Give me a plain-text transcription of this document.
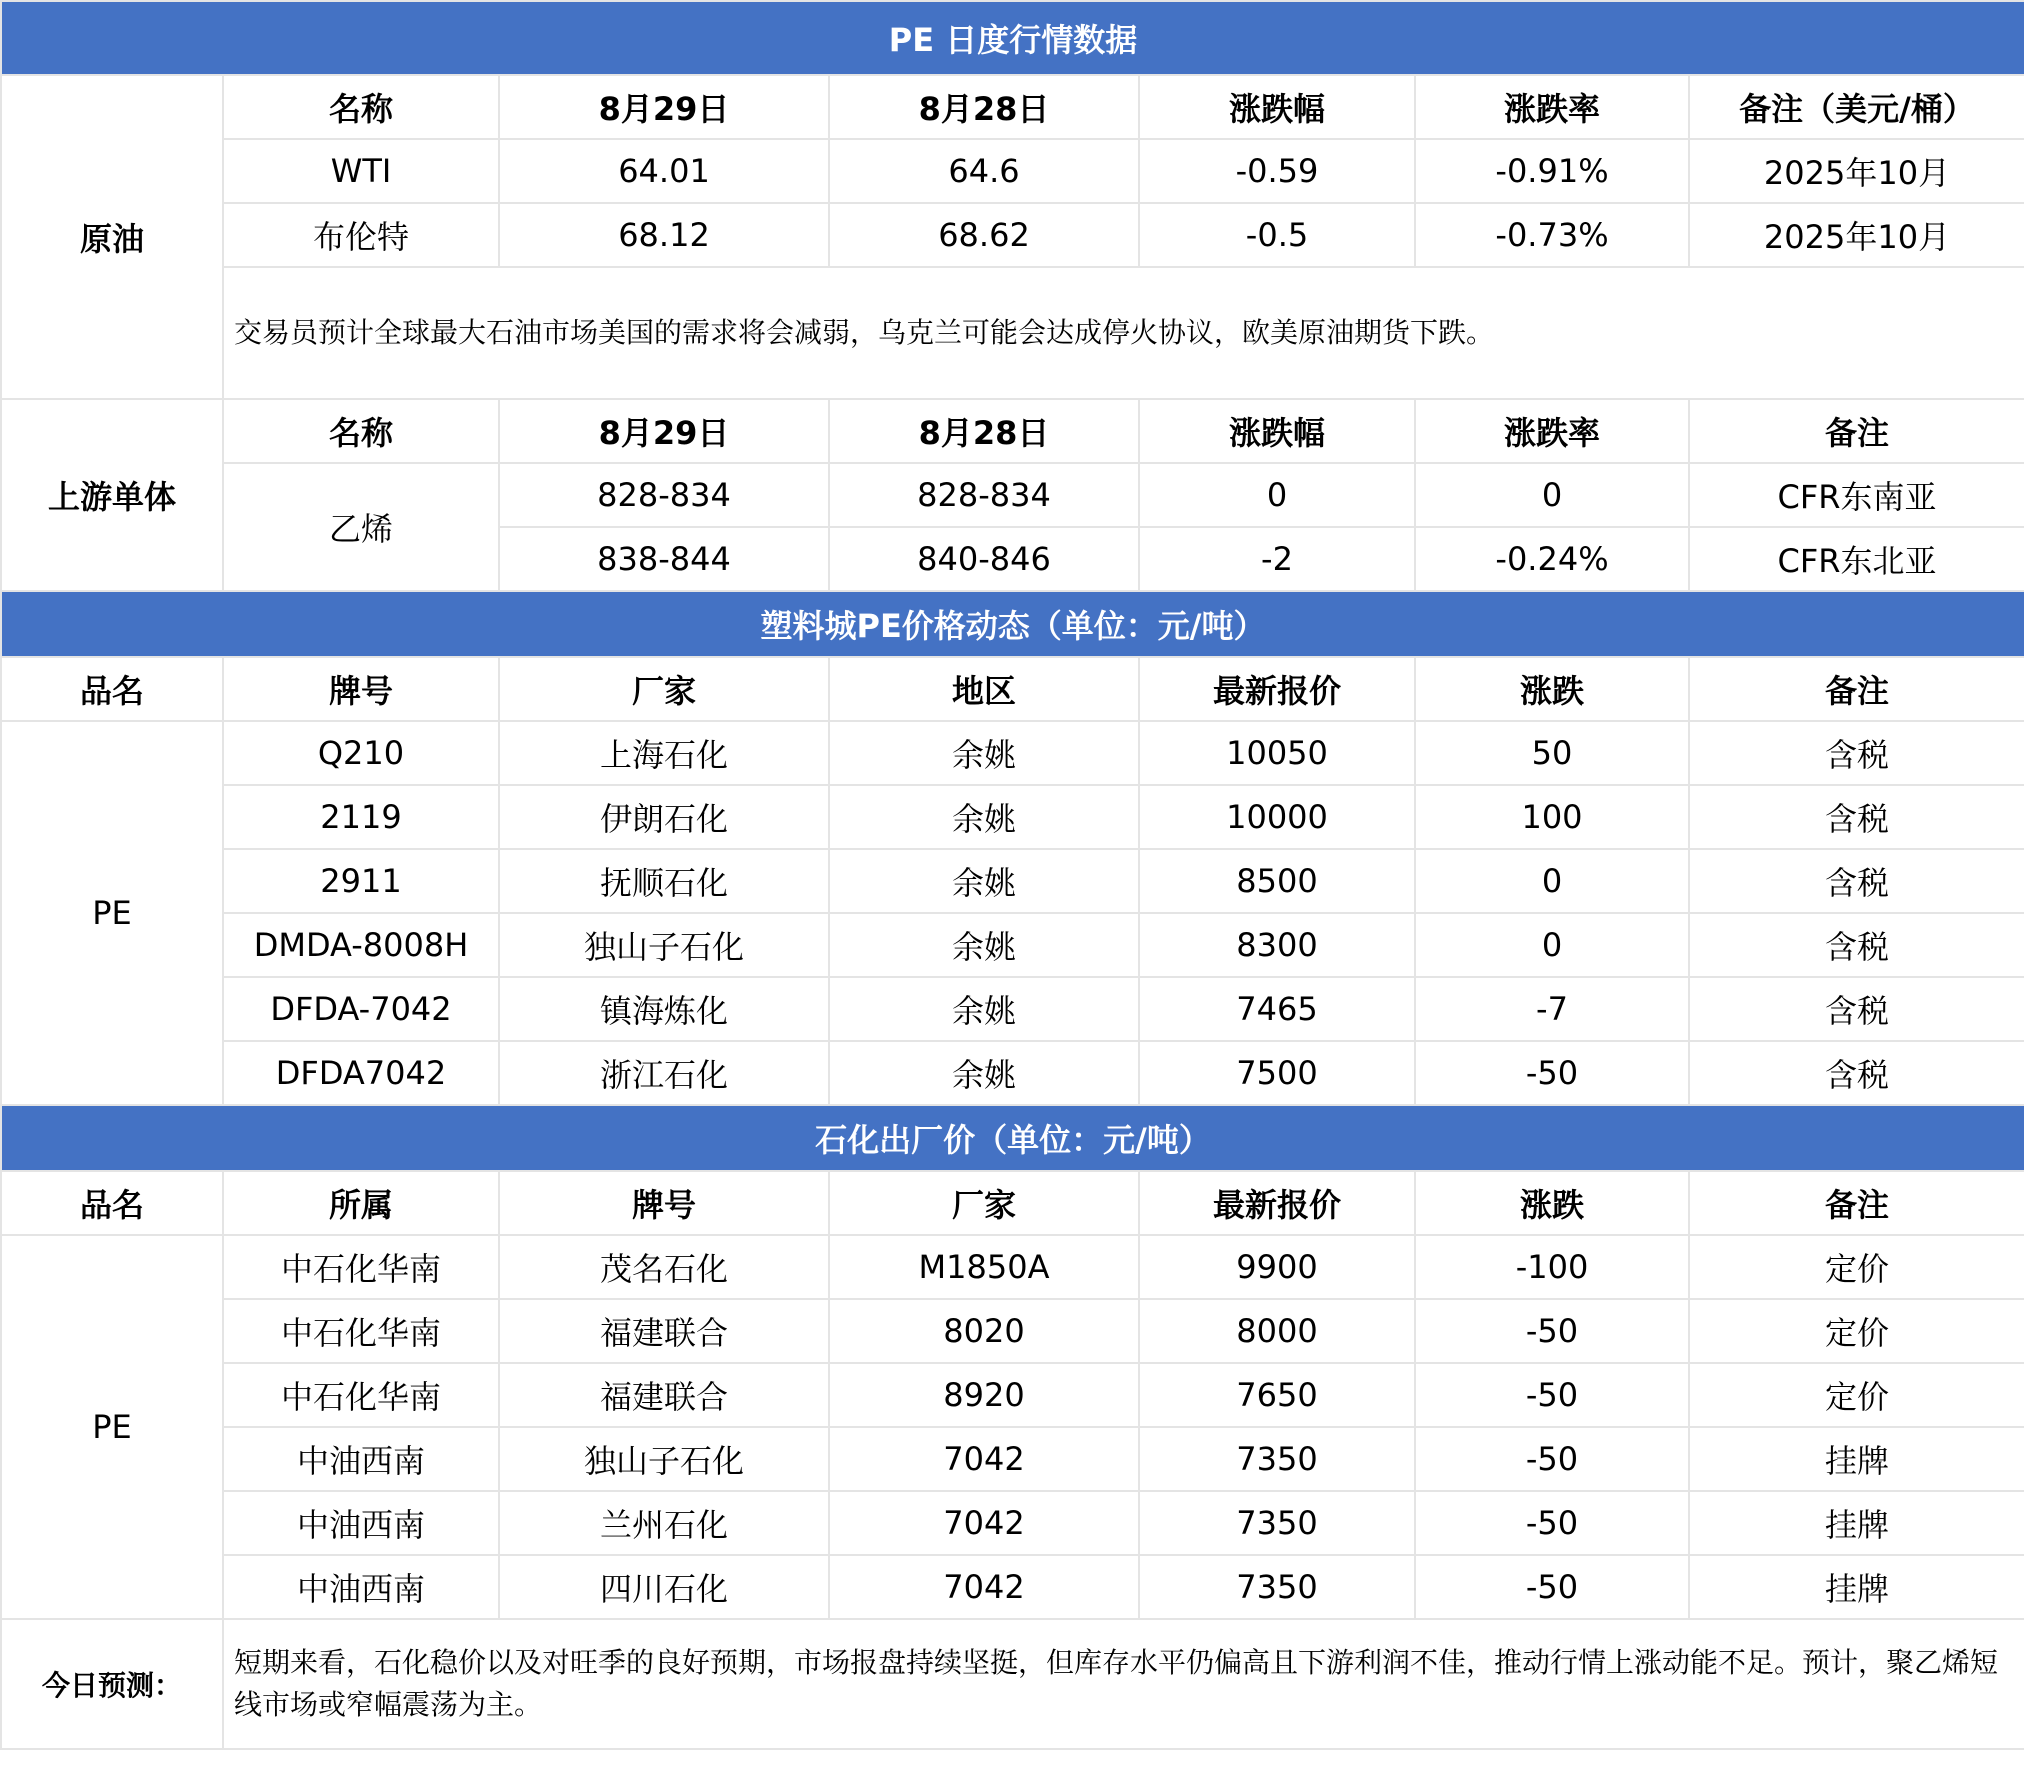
PE 日度行情数据						
原油	名称	8月29日	8月28日	涨跌幅	涨跌率	备注（美元/桶）
	WTI	64.01	64.6	-0.59	-0.91%	2025年10月
	布伦特	68.12	68.62	-0.5	-0.73%	2025年10月
	交易员预计全球最大石油市场美国的需求将会减弱，乌克兰可能会达成停火协议，欧美原油期货下跌。					
上游单体	名称	8月29日	8月28日	涨跌幅	涨跌率	备注
	乙烯	828-834	828-834	0	0	CFR东南亚
		838-844	840-846	-2	-0.24%	CFR东北亚
塑料城PE价格动态（单位：元/吨）						
品名	牌号	厂家	地区	最新报价	涨跌	备注
PE	Q210	上海石化	余姚	10050	50	含税
	2119	伊朗石化	余姚	10000	100	含税
	2911	抚顺石化	余姚	8500	0	含税
	DMDA-8008H	独山子石化	余姚	8300	0	含税
	DFDA-7042	镇海炼化	余姚	7465	-7	含税
	DFDA7042	浙江石化	余姚	7500	-50	含税
石化出厂价（单位：元/吨）						
品名	所属	牌号	厂家	最新报价	涨跌	备注
PE	中石化华南	茂名石化	M1850A	9900	-100	定价
	中石化华南	福建联合	8020	8000	-50	定价
	中石化华南	福建联合	8920	7650	-50	定价
	中油西南	独山子石化	7042	7350	-50	挂牌
	中油西南	兰州石化	7042	7350	-50	挂牌
	中油西南	四川石化	7042	7350	-50	挂牌
今日预测：	短期来看，石化稳价以及对旺季的良好预期，市场报盘持续坚挺，但库存水平仍偏高且下游利润不佳，推动行情上涨动能不足。预计，聚乙烯短线市场或窄幅震荡为主。					
